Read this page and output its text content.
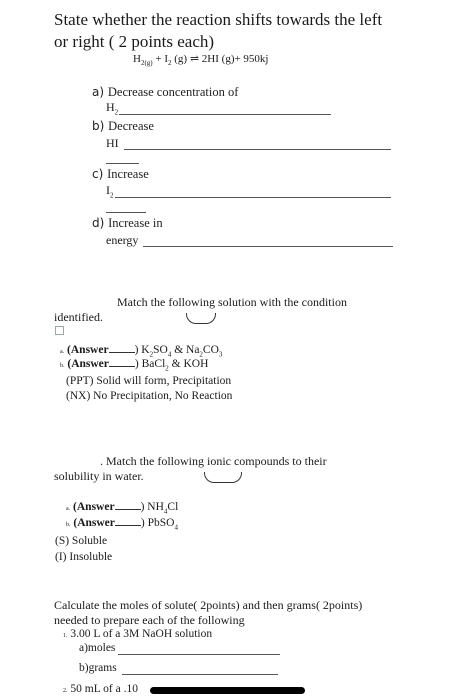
State whether the reaction shifts towards the left
or right ( 2 points each)
$H_{2(g)} + I_2$ (g) ⇌ 2HI (g)+ 950kj
a) Decrease concentration of
$H_2$
b) Decrease
HI
c) Increase
$I_2$
d) Increase in
energy
Match the following solution with the condition
identified.
a. (Answer ) $K_2SO_4$ & $Na_2CO_3$
b. (Answer ) BaCl$_2$ & KOH
(PPT) Solid will form, Precipitation
(NX) No Precipitation, No Reaction
. Match the following ionic compounds to their
solubility in water.
a. (Answer ) $NH_4Cl$
b. (Answer ) PbSO$_4$
(S) Soluble
(I) Insoluble
Calculate the moles of solute( 2points) and then grams( 2points)
needed to prepare each of the following
1. 3.00 L of a 3M NaOH solution
a)moles
b)grams
2. 50 mL of a .10
